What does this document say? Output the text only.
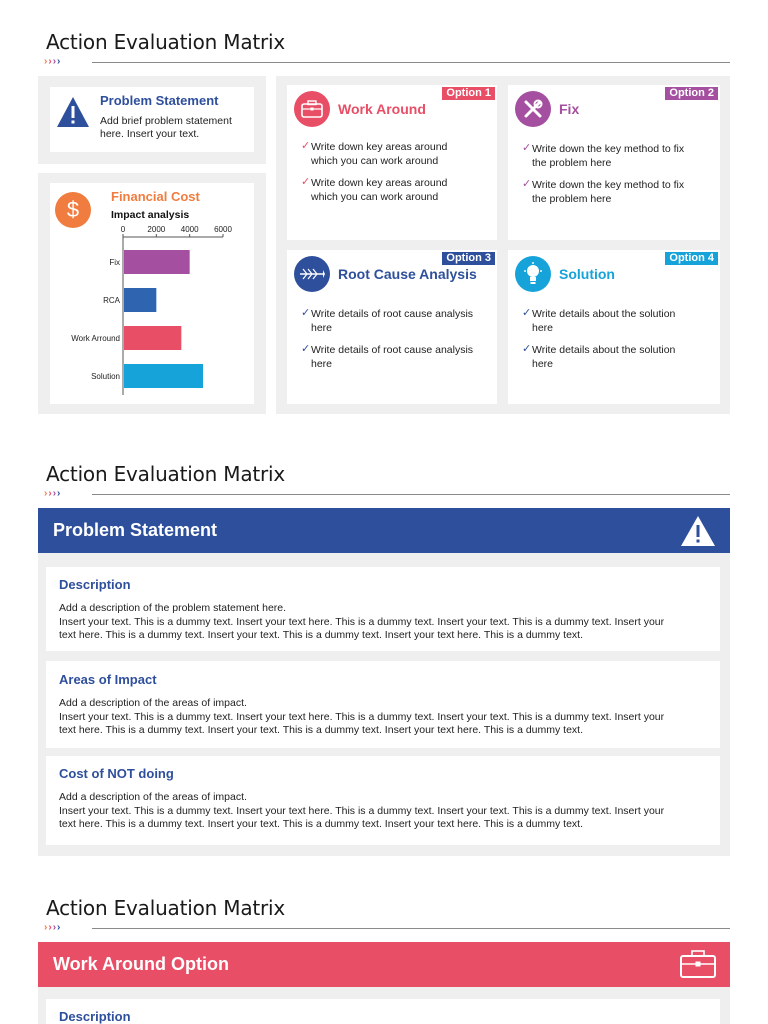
Action Evaluation Matrix
››››
Problem Statement
Add brief problem statement
here. Insert your text.
$
Financial Cost
Impact analysis
0	2000 4000 6000
Fix
RCA
Work Arround
Solution
Option 1
Work Around
✓ Write down key areas around
which you can work around
✓ Write down key areas around
which you can work around
Option 2
Fix
✓ Write down the key method to fix
the problem here
✓ Write down the key method to fix
the problem here
Option 3
Root Cause Analysis
✓ Write details of root cause analysis
here
✓ Write details of root cause analysis
here
Option 4
Solution
✓ Write details about the solution
here
✓ Write details about the solution
here
Action Evaluation Matrix
››››
Problem Statement
Description
Add a description of the problem statement here.
Insert your text. This is a dummy text. Insert your text here. This is a dummy text. Insert your text. This is a dummy text. Insert your
text here. This is a dummy text. Insert your text. This is a dummy text. Insert your text here. This is a dummy text.
Areas of Impact
Add a description of the areas of impact.
Insert your text. This is a dummy text. Insert your text here. This is a dummy text. Insert your text. This is a dummy text. Insert your
text here. This is a dummy text. Insert your text. This is a dummy text. Insert your text here. This is a dummy text.
Cost of NOT doing
Add a description of the areas of impact.
Insert your text. This is a dummy text. Insert your text here. This is a dummy text. Insert your text. This is a dummy text. Insert your
text here. This is a dummy text. Insert your text. This is a dummy text. Insert your text here. This is a dummy text.
Action Evaluation Matrix
››››
Work Around Option
Description
